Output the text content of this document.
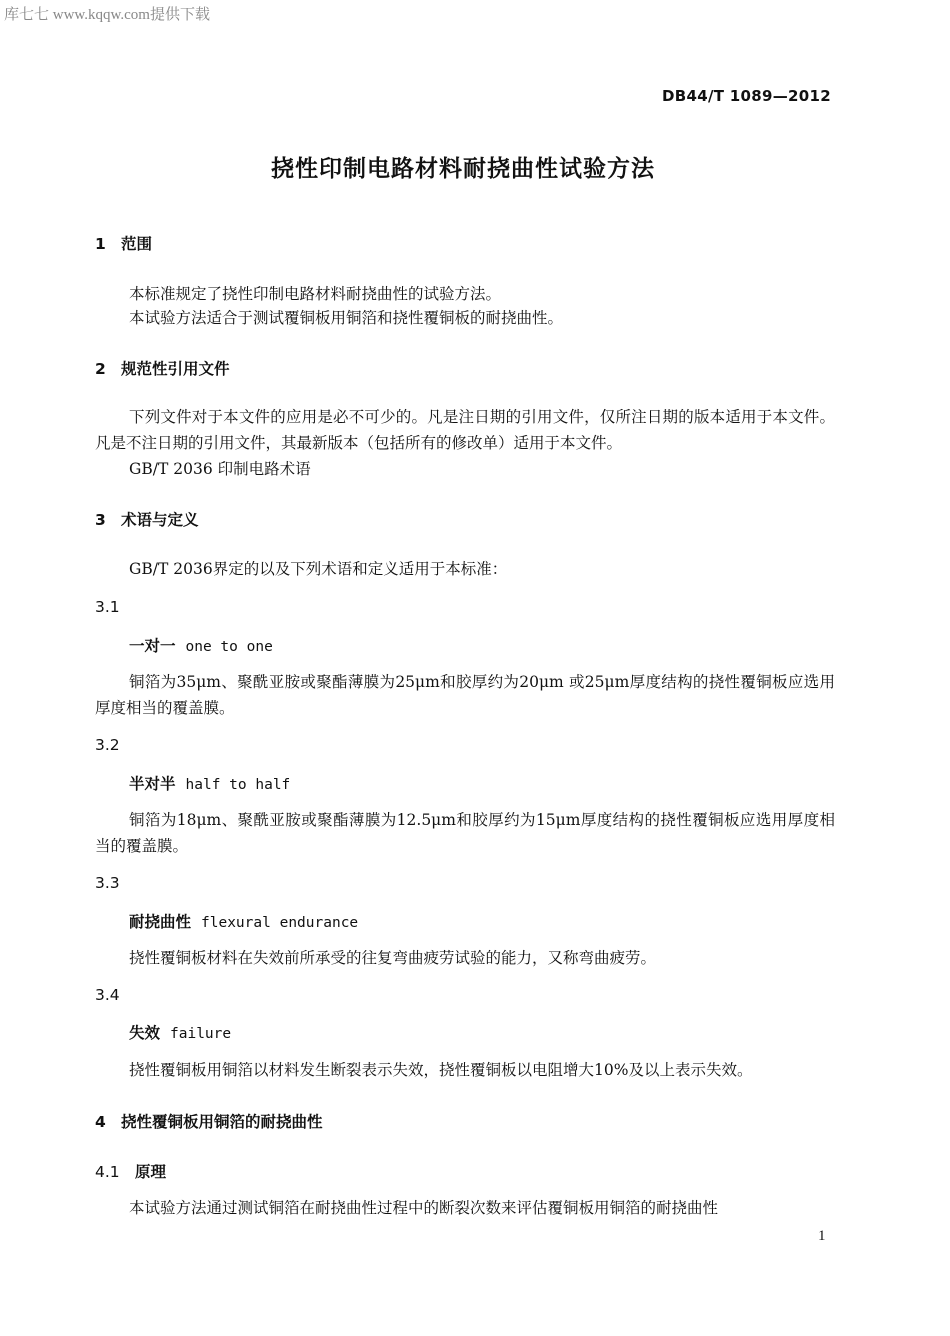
库七七 www.kqqw.com提供下载
DB44/T 1089—2012
挠性印制电路材料耐挠曲性试验方法
1 范围
本标准规定了挠性印制电路材料耐挠曲性的试验方法。
本试验方法适合于测试覆铜板用铜箔和挠性覆铜板的耐挠曲性。
2 规范性引用文件
下列文件对于本文件的应用是必不可少的。凡是注日期的引用文件，仅所注日期的版本适用于本文件。凡是不注日期的引用文件，其最新版本（包括所有的修改单）适用于本文件。
GB/T 2036 印制电路术语
3 术语与定义
GB/T 2036界定的以及下列术语和定义适用于本标准：
3.1
一对一 one to one
铜箔为35μm、聚酰亚胺或聚酯薄膜为25μm和胶厚约为20μm 或25μm厚度结构的挠性覆铜板应选用厚度相当的覆盖膜。
3.2
半对半 half to half
铜箔为18μm、聚酰亚胺或聚酯薄膜为12.5μm和胶厚约为15μm厚度结构的挠性覆铜板应选用厚度相当的覆盖膜。
3.3
耐挠曲性 flexural endurance
挠性覆铜板材料在失效前所承受的往复弯曲疲劳试验的能力，又称弯曲疲劳。
3.4
失效 failure
挠性覆铜板用铜箔以材料发生断裂表示失效，挠性覆铜板以电阻增大10%及以上表示失效。
4 挠性覆铜板用铜箔的耐挠曲性
4.1 原理
本试验方法通过测试铜箔在耐挠曲性过程中的断裂次数来评估覆铜板用铜箔的耐挠曲性
1
